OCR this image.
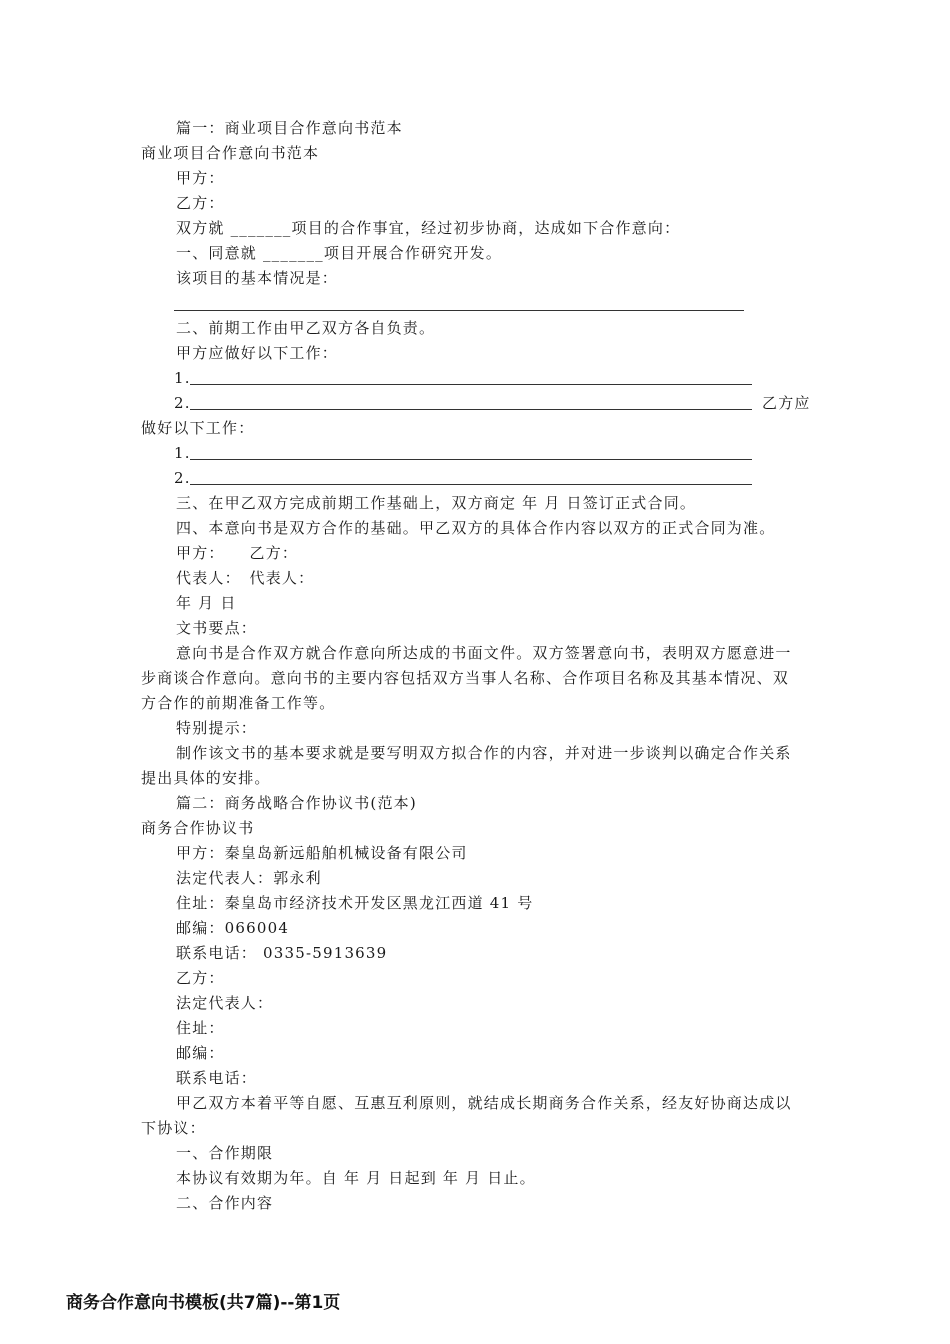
篇一：商业项目合作意向书范本

商业项目合作意向书范本

甲方：

乙方：

双方就 _______项目的合作事宜，经过初步协商，达成如下合作意向：

一、同意就 _______项目开展合作研究开发。

该项目的基本情况是：

二、前期工作由甲乙双方各自负责。

甲方应做好以下工作：

1.

2.	乙方应

做好以下工作：

1.

2.

三、在甲乙双方完成前期工作基础上，双方商定 年 月 日签订正式合同。

四、本意向书是双方合作的基础。甲乙双方的具体合作内容以双方的正式合同为准。

甲方：　　乙方：

代表人：　代表人：

年 月 日

文书要点：

意向书是合作双方就合作意向所达成的书面文件。双方签署意向书，表明双方愿意进一

步商谈合作意向。意向书的主要内容包括双方当事人名称、合作项目名称及其基本情况、双

方合作的前期准备工作等。

特别提示：

制作该文书的基本要求就是要写明双方拟合作的内容，并对进一步谈判以确定合作关系

提出具体的安排。

篇二：商务战略合作协议书(范本)

商务合作协议书

甲方：秦皇岛新远船舶机械设备有限公司

法定代表人：郭永利

住址：秦皇岛市经济技术开发区黑龙江西道 41 号

邮编：066004

联系电话： 0335-5913639

乙方：

法定代表人：

住址：

邮编：

联系电话：

甲乙双方本着平等自愿、互惠互利原则，就结成长期商务合作关系，经友好协商达成以

下协议：

一、合作期限

本协议有效期为年。自 年 月 日起到 年 月 日止。

二、合作内容

商务合作意向书模板(共7篇)--第1页
